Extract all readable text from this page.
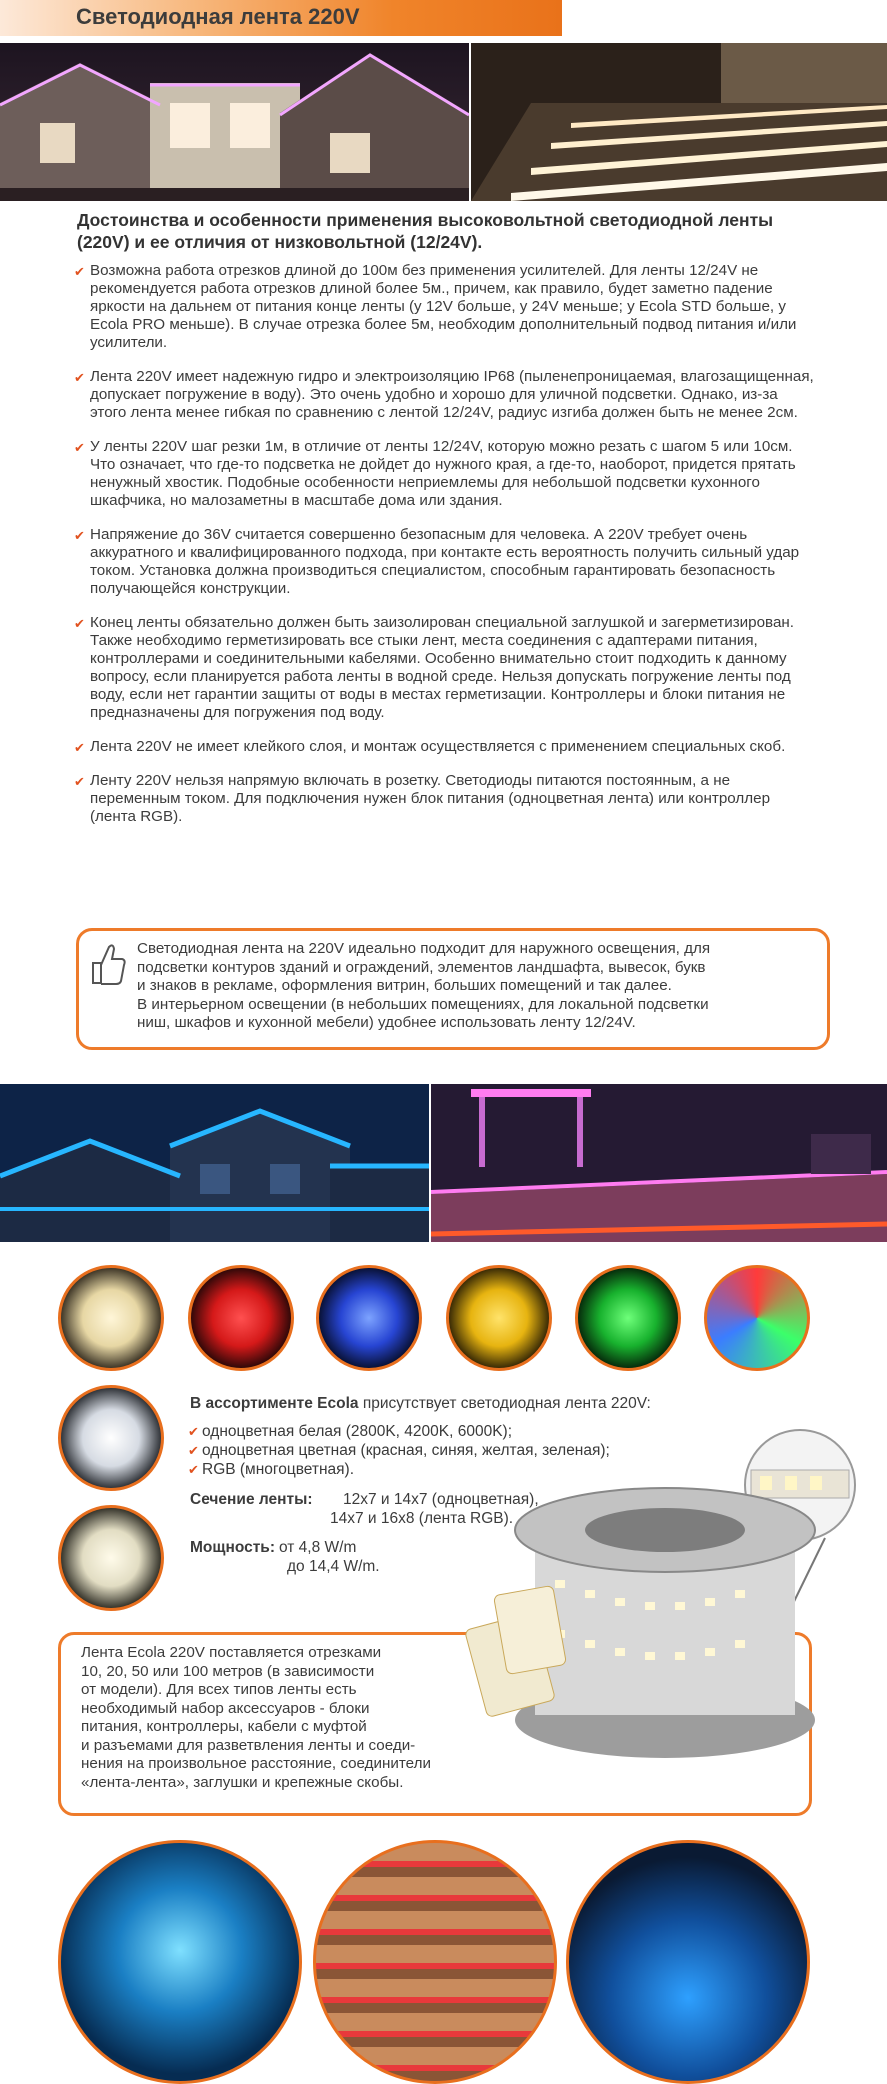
Светодиодная лента 220V
Достоинства и особенности применения высоковольтной светодиодной ленты (220V) и ее отличия от низковольтной (12/24V).
✔ Возможна работа отрезков длиной до 100м без применения усилителей. Для ленты 12/24V не рекомендуется работа отрезков длиной более 5м., причем, как правило, будет заметно падение яркости на дальнем от питания конце ленты (у 12V больше, у 24V меньше; у Ecola STD больше, у Ecola PRO меньше). В случае отрезка более 5м, необходим дополнительный подвод питания и/или усилители.
✔ Лента 220V имеет надежную гидро и электроизоляцию IP68 (пыленепроницаемая, влагозащищенная, допускает погружение в воду). Это очень удобно и хорошо для уличной подсветки. Однако, из-за этого лента менее гибкая по сравнению с лентой 12/24V, радиус изгиба должен быть не менее 2см.
✔ У ленты 220V шаг резки 1м, в отличие от ленты 12/24V, которую можно резать с шагом 5 или 10см. Что означает, что где-то подсветка не дойдет до нужного края, а где-то, наоборот, придется прятать ненужный хвостик. Подобные особенности неприемлемы для небольшой подсветки кухонного шкафчика, но малозаметны в масштабе дома или здания.
✔ Напряжение до 36V считается совершенно безопасным для человека. А 220V требует очень аккуратного и квалифицированного подхода, при контакте есть вероятность получить сильный удар током. Установка должна производиться специалистом, способным гарантировать безопасность получающейся конструкции.
✔ Конец ленты обязательно должен быть заизолирован специальной заглушкой и загерметизирован. Также необходимо герметизировать все стыки лент, места соединения с адаптерами питания, контроллерами и соединительными кабелями. Особенно внимательно стоит подходить к данному вопросу, если планируется работа ленты в водной среде. Нельзя допускать погружение ленты под воду, если нет гарантии защиты от воды в местах герметизации. Контроллеры и блоки питания не предназначены для погружения под воду.
✔ Лента 220V не имеет клейкого слоя, и монтаж осуществляется с применением специальных скоб.
✔ Ленту 220V нельзя напрямую включать в розетку. Светодиоды питаются постоянным, а не переменным током. Для подключения нужен блок питания (одноцветная лента) или контроллер (лента RGB).

Светодиодная лента на 220V идеально подходит для наружного освещения, для

подсветки контуров зданий и ограждений, элементов ландшафта, вывесок, букв

и знаков в рекламе, оформления витрин, больших помещений и так далее.

В интерьерном освещении (в небольших помещениях, для локальной подсветки

ниш, шкафов и кухонной мебели) удобнее использовать ленту 12/24V.

В ассортименте Ecola присутствует светодиодная лента 220V:
✔ одноцветная белая (2800K, 4200K, 6000K);
✔ одноцветная цветная (красная, синяя, желтая, зеленая);
✔ RGB (многоцветная).
Сечение ленты: 12x7 и 14x7 (одноцветная),
14x7 и 16x8 (лента RGB).
Мощность: от 4,8 W/m
до 14,4 W/m.

Лента Ecola 220V поставляется отрезками

10, 20, 50 или 100 метров (в зависимости

от модели). Для всех типов ленты есть

необходимый набор аксессуаров - блоки

питания, контроллеры, кабели с муфтой

и разъемами для разветвления ленты и соеди-

нения на произвольное расстояние, соединители

«лента-лента», заглушки и крепежные скобы.
